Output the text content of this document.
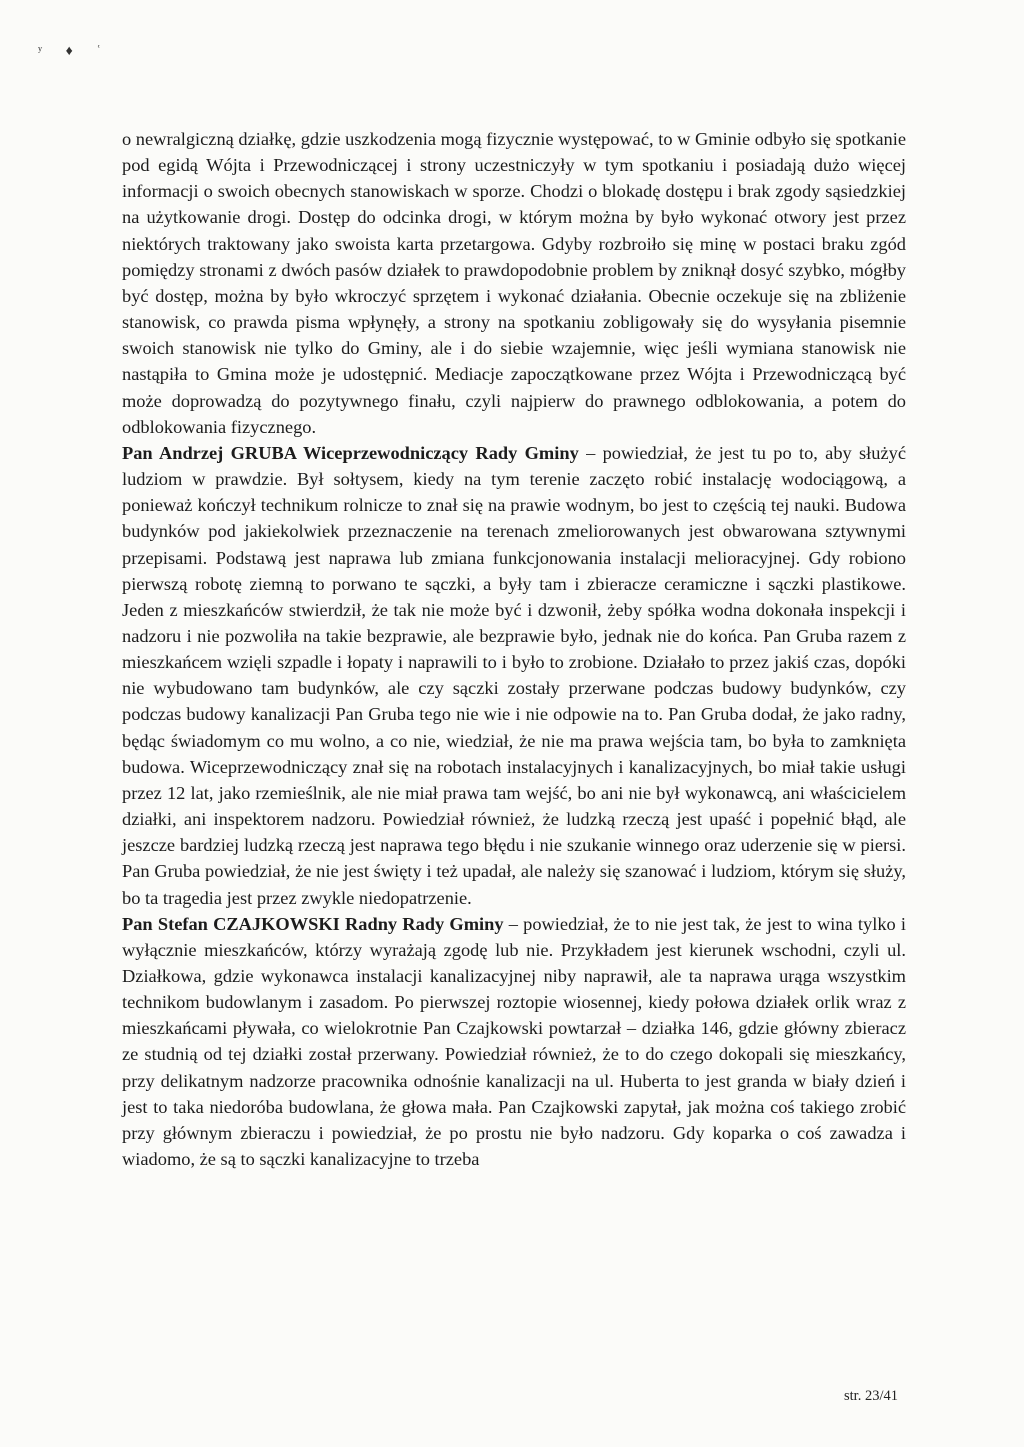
ʸ ♦ ʿ

o newralgiczną działkę, gdzie uszkodzenia mogą fizycznie występować, to w Gminie odbyło się spotkanie pod egidą Wójta i Przewodniczącej i strony uczestniczyły w tym spotkaniu i posiadają dużo więcej informacji o swoich obecnych stanowiskach w sporze. Chodzi o blokadę dostępu i brak zgody sąsiedzkiej na użytkowanie drogi. Dostęp do odcinka drogi, w którym można by było wykonać otwory jest przez niektórych traktowany jako swoista karta przetargowa. Gdyby rozbroiło się minę w postaci braku zgód pomiędzy stronami z dwóch pasów działek to prawdopodobnie problem by zniknął dosyć szybko, mógłby być dostęp, można by było wkroczyć sprzętem i wykonać działania. Obecnie oczekuje się na zbliżenie stanowisk, co prawda pisma wpłynęły, a strony na spotkaniu zobligowały się do wysyłania pisemnie swoich stanowisk nie tylko do Gminy, ale i do siebie wzajemnie, więc jeśli wymiana stanowisk nie nastąpiła to Gmina może je udostępnić. Mediacje zapoczątkowane przez Wójta i Przewodniczącą być może doprowadzą do pozytywnego finału, czyli najpierw do prawnego odblokowania, a potem do odblokowania fizycznego.

Pan Andrzej GRUBA Wiceprzewodniczący Rady Gminy – powiedział, że jest tu po to, aby służyć ludziom w prawdzie. Był sołtysem, kiedy na tym terenie zaczęto robić instalację wodociągową, a ponieważ kończył technikum rolnicze to znał się na prawie wodnym, bo jest to częścią tej nauki. Budowa budynków pod jakiekolwiek przeznaczenie na terenach zmeliorowanych jest obwarowana sztywnymi przepisami. Podstawą jest naprawa lub zmiana funkcjonowania instalacji melioracyjnej. Gdy robiono pierwszą robotę ziemną to porwano te sączki, a były tam i zbieracze ceramiczne i sączki plastikowe. Jeden z mieszkańców stwierdził, że tak nie może być i dzwonił, żeby spółka wodna dokonała inspekcji i nadzoru i nie pozwoliła na takie bezprawie, ale bezprawie było, jednak nie do końca. Pan Gruba razem z mieszkańcem wzięli szpadle i łopaty i naprawili to i było to zrobione. Działało to przez jakiś czas, dopóki nie wybudowano tam budynków, ale czy sączki zostały przerwane podczas budowy budynków, czy podczas budowy kanalizacji Pan Gruba tego nie wie i nie odpowie na to. Pan Gruba dodał, że jako radny, będąc świadomym co mu wolno, a co nie, wiedział, że nie ma prawa wejścia tam, bo była to zamknięta budowa. Wiceprzewodniczący znał się na robotach instalacyjnych i kanalizacyjnych, bo miał takie usługi przez 12 lat, jako rzemieślnik, ale nie miał prawa tam wejść, bo ani nie był wykonawcą, ani właścicielem działki, ani inspektorem nadzoru. Powiedział również, że ludzką rzeczą jest upaść i popełnić błąd, ale jeszcze bardziej ludzką rzeczą jest naprawa tego błędu i nie szukanie winnego oraz uderzenie się w piersi. Pan Gruba powiedział, że nie jest święty i też upadał, ale należy się szanować i ludziom, którym się służy, bo ta tragedia jest przez zwykle niedopatrzenie.

Pan Stefan CZAJKOWSKI Radny Rady Gminy – powiedział, że to nie jest tak, że jest to wina tylko i wyłącznie mieszkańców, którzy wyrażają zgodę lub nie. Przykładem jest kierunek wschodni, czyli ul. Działkowa, gdzie wykonawca instalacji kanalizacyjnej niby naprawił, ale ta naprawa urąga wszystkim technikom budowlanym i zasadom. Po pierwszej roztopie wiosennej, kiedy połowa działek orlik wraz z mieszkańcami pływała, co wielokrotnie Pan Czajkowski powtarzał – działka 146, gdzie główny zbieracz ze studnią od tej działki został przerwany. Powiedział również, że to do czego dokopali się mieszkańcy, przy delikatnym nadzorze pracownika odnośnie kanalizacji na ul. Huberta to jest granda w biały dzień i jest to taka niedoróba budowlana, że głowa mała. Pan Czajkowski zapytał, jak można coś takiego zrobić przy głównym zbieraczu i powiedział, że po prostu nie było nadzoru. Gdy koparka o coś zawadza i wiadomo, że są to sączki kanalizacyjne to trzeba

str. 23/41
